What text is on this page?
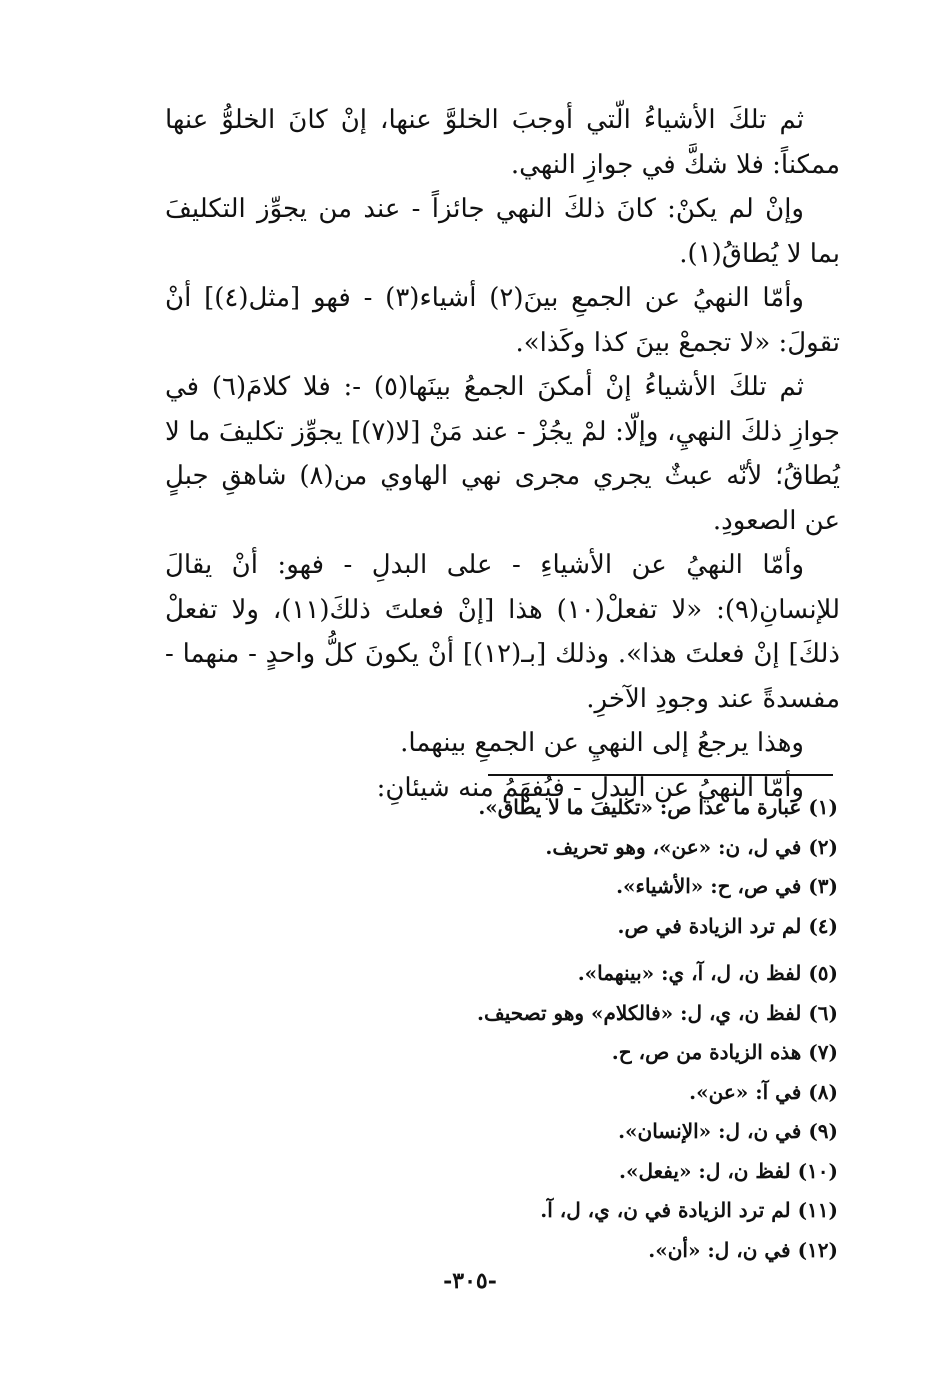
ثم تلكَ الأشياءُ الّتي أوجبَ الخلوَّ عنها، إنْ كانَ الخلوُّ عنها ممكناً: فلا شكَّ في جوازِ النهي.

وإنْ لم يكنْ: كانَ ذلكَ النهي جائزاً - عند من يجوِّز التكليفَ بما لا يُطاقُ(١).

وأمّا النهيُ عن الجمعِ بينَ(٢) أشياء(٣) - فهو [مثل(٤)] أنْ تقولَ: «لا تجمعْ بينَ كذا وكَذا».

ثم تلكَ الأشياءُ إنْ أمكنَ الجمعُ بينَها(٥) -: فلا كلامَ(٦) في جوازِ ذلكَ النهيِ، وإلّا: لمْ يجُزْ - عند مَنْ [لا(٧)] يجوِّز تكليفَ ما لا يُطاقُ؛ لأنّه عبثٌ يجري مجرى نهي الهاوي من(٨) شاهقِ جبلٍ عن الصعودِ.

وأمّا النهيُ عن الأشياءِ - على البدلِ - فهو: أنْ يقالَ للإنسانِ(٩): «لا تفعلْ(١٠) هذا [إنْ فعلتَ ذلكَ(١١)، ولا تفعلْ ذلكَ] إنْ فعلتَ هذا». وذلك [بـ(١٢)] أنْ يكونَ كلُّ واحدٍ - منهما - مفسدةً عند وجودِ الآخرِ.

وهذا يرجعُ إلى النهيِ عن الجمعِ بينهما.

وأمّا النهيُ عن البدلِ - فيُفهَمُ منه شيئانِ:

(١) عبارة ما عدا ص: «تكليف ما لا يطاق».
(٢) في ل، ن: «عن»، وهو تحريف.
(٣) في ص، ح: «الأشياء».
(٤) لم ترد الزيادة في ص.
(٥) لفظ ن، ل، آ، ي: «بينهما».
(٦) لفظ ن، ي، ل: «فالكلام» وهو تصحيف.
(٧) هذه الزيادة من ص، ح.
(٨) في آ: «عن».
(٩) في ن، ل: «الإنسان».
(١٠) لفظ ن، ل: «يفعل».
(١١) لم ترد الزيادة في ن، ي، ل، آ.
(١٢) في ن، ل: «أن».
-٣٠٥-
